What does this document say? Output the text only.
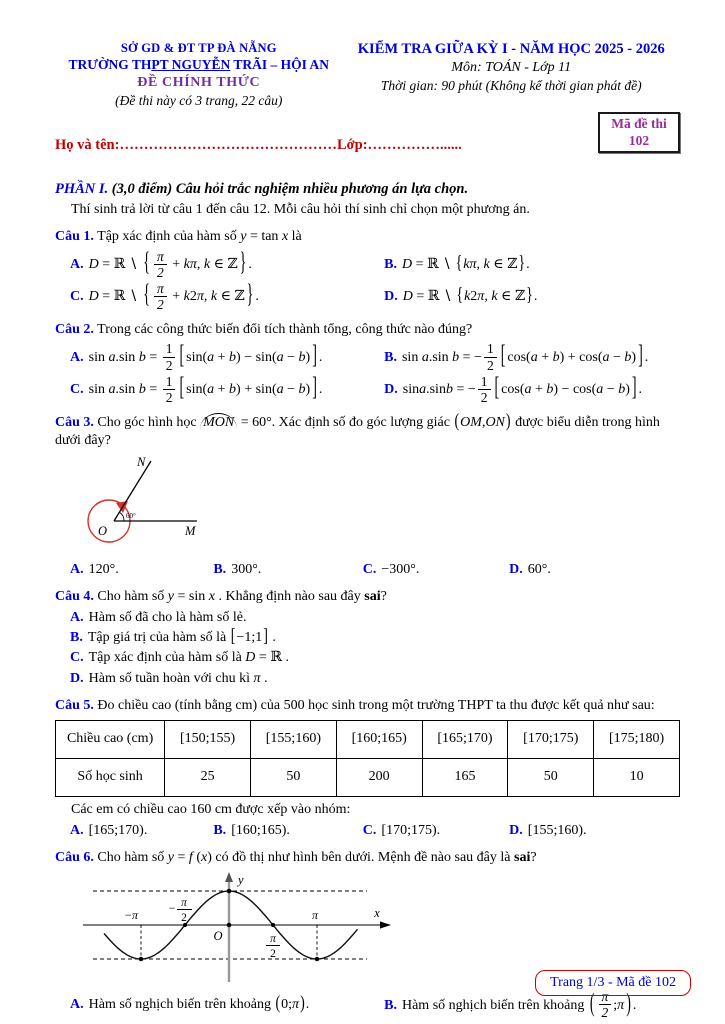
SỞ GD & ĐT TP ĐÀ NẴNG
TRƯỜNG THPT NGUYỄN TRÃI – HỘI AN
ĐỀ CHÍNH THỨC
(Đề thi này có 3 trang, 22 câu)
KIỂM TRA GIỮA KỲ I - NĂM HỌC 2025 - 2026
Môn: TOÁN - Lớp 11
Thời gian: 90 phút (Không kể thời gian phát đề)
Họ và tên:………………………………………Lớp:…………….....​.
Mã đề thi
102

PHẦN I. (3,0 điểm) Câu hỏi trắc nghiệm nhiều phương án lựa chọn.

Thí sinh trả lời từ câu 1 đến câu 12. Mỗi câu hỏi thí sinh chỉ chọn một phương án.

Câu 1. Tập xác định của hàm số y = tan x là

A. D = ℝ ∖ { $\frac{\pi}{2} + k\pi$, k ∈ ℤ } .	B. D = ℝ ∖ {kπ, k ∈ ℤ}.
C. D = ℝ ∖ { $\frac{\pi}{2} + k2\pi$, k ∈ ℤ } .	D. D = ℝ ∖ {k2π, k ∈ ℤ}.

Câu 2. Trong các công thức biến đổi tích thành tổng, công thức nào đúng?

A. sin a.sin $b = \frac{1}{2}$ [ sin(a + b) − sin(a − b) ] .	B. sin a.sin b = − $\frac{1}{2}$ [ cos(a + b) + cos(a − b) ] .
C. sin a.sin $b = \frac{1}{2}$ [ sin(a + b) + sin(a − b) ] .	D. sina.sinb = − $\frac{1}{2}$ [ cos(a + b) − cos(a − b) ] .

Câu 3. Cho góc hình học MON = 60°. Xác định số đo góc lượng giác (OM,ON) được biểu diễn trong hình dưới đây?

60°
N
O	M
A. 120°.	B. 300°.	C. −300°.	D. 60°.

Câu 4. Cho hàm số y = sin x . Khẳng định nào sau đây sai?

A. Hàm số đã cho là hàm số lẻ.
B. Tập giá trị của hàm số là [−1;1] .
C. Tập xác định của hàm số là D = ℝ .
D. Hàm số tuần hoàn với chu kì π .

Câu 5. Đo chiều cao (tính bằng cm) của 500 học sinh trong một trường THPT ta thu được kết quả như sau:

Chiều cao (cm)	[150;155)	[155;160)	[160;165)	[165;170)	[170;175)	[175;180)
Số học sinh	25	50	200	165	50	10

Các em có chiều cao 160 cm được xếp vào nhóm:

A. [165;170).	B. [160;165).	C. [170;175).	D. [155;160).

Câu 6. Cho hàm số y = f (x) có đồ thị như hình bên dưới. Mệnh đề nào sau đây là sai?

−π	− π
2
O	π
2
π	x
y
A. Hàm số nghịch biến trên khoảng (0;π).	B. Hàm số nghịch biến trên khoảng ( $\frac{\pi}{2}$ ;π ) .
Trang 1/3 - Mã đề 102
